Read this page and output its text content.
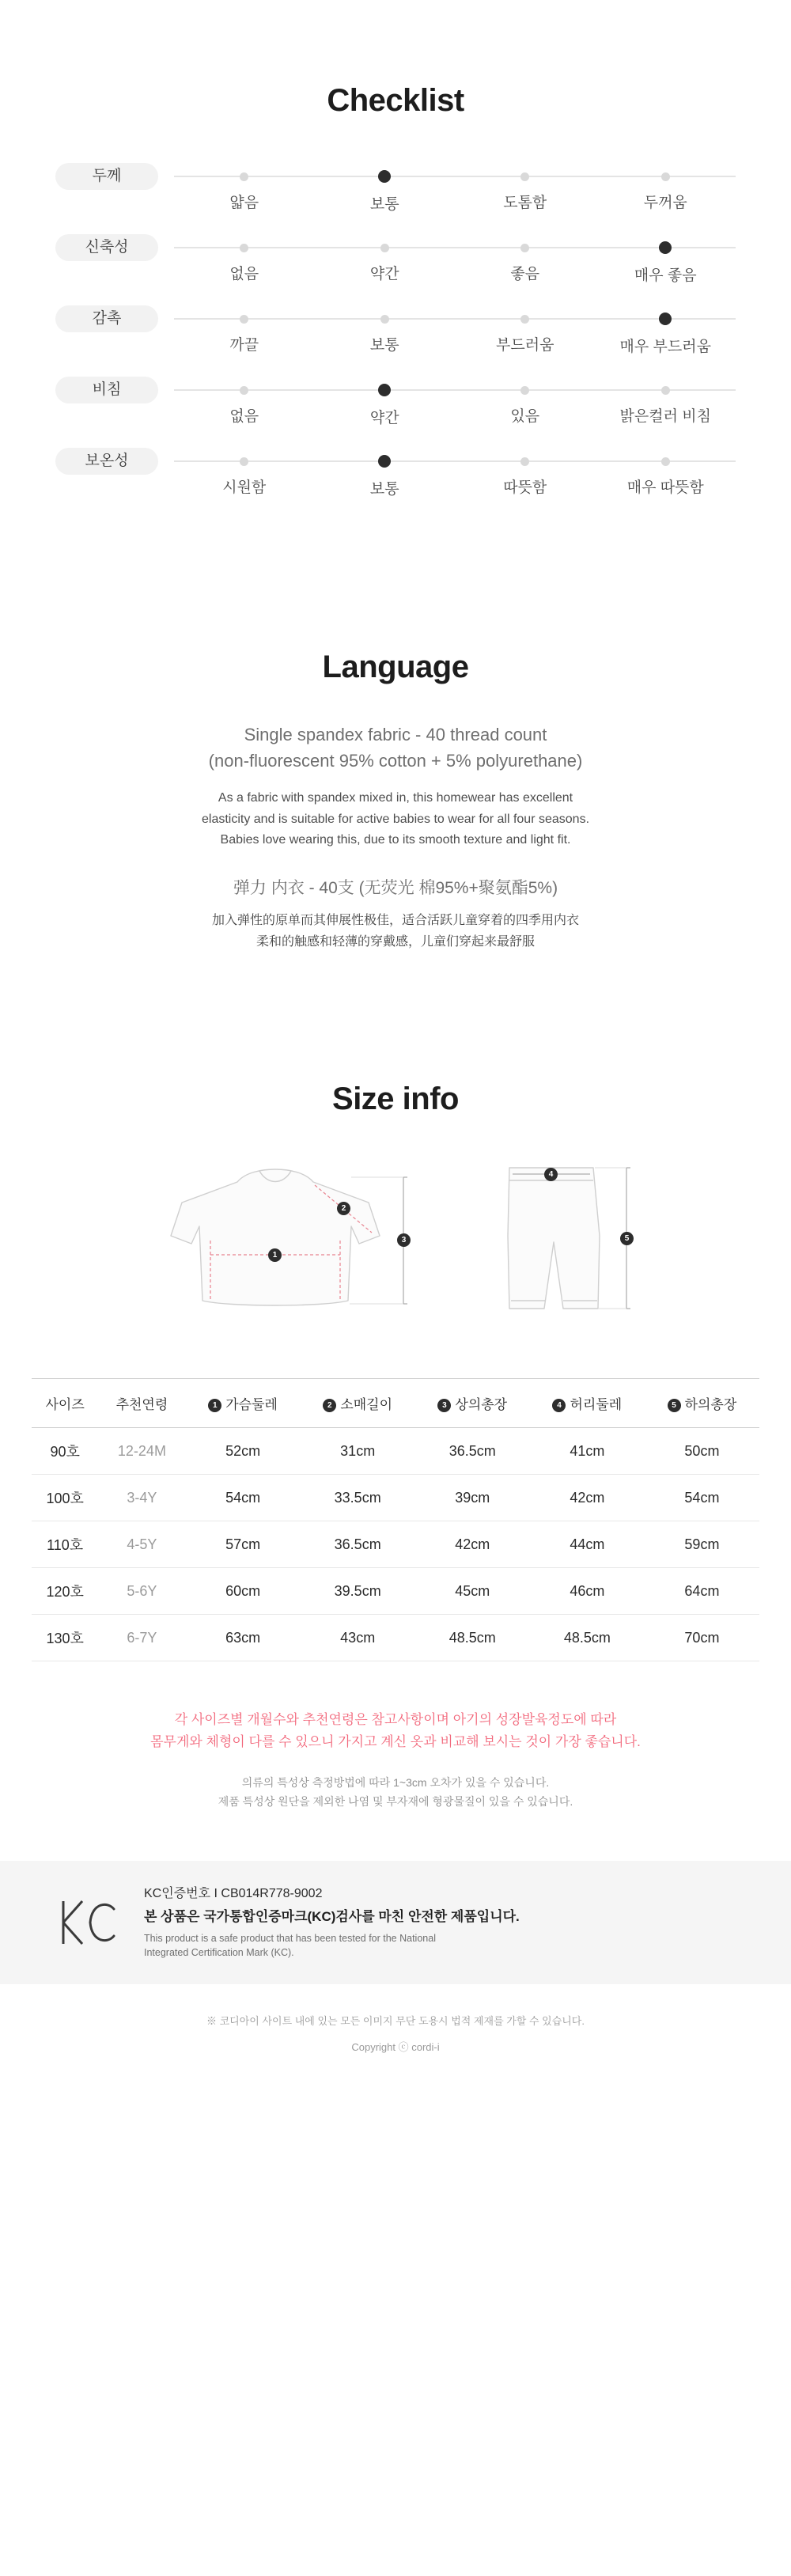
Checklist
두께
얇음	보통	도톰함	두꺼움
신축성
없음	약간	좋음	매우 좋음
감촉
까끌	보통	부드러움	매우 부드러움
비침
없음	약간	있음	밝은컬러 비침
보온성
시원함	보통	따뜻함	매우 따뜻함
Language
Single spandex fabric - 40 thread count
(non-fluorescent 95% cotton + 5% polyurethane)
As a fabric with spandex mixed in, this homewear has excellent
elasticity and is suitable for active babies to wear for all four seasons.
Babies love wearing this, due to its smooth texture and light fit.
弹力 内衣 - 40支 (无荧光 棉95%+聚氨酯5%)
加入弹性的原单而其伸展性极佳，适合活跃儿童穿着的四季用内衣
柔和的触感和轻薄的穿戴感，儿童们穿起来最舒服
Size info
1
2
3
4
5
사이즈	추천연령	1 가슴둘레	2 소매길이	3 상의총장	4 허리둘레	5 하의총장
90호	12-24M	52cm	31cm	36.5cm	41cm	50cm
100호	3-4Y	54cm	33.5cm	39cm	42cm	54cm
110호	4-5Y	57cm	36.5cm	42cm	44cm	59cm
120호	5-6Y	60cm	39.5cm	45cm	46cm	64cm
130호	6-7Y	63cm	43cm	48.5cm	48.5cm	70cm
각 사이즈별 개월수와 추천연령은 참고사항이며 아기의 성장발육정도에 따라
몸무게와 체형이 다를 수 있으니 가지고 계신 옷과 비교해 보시는 것이 가장 좋습니다.
의류의 특성상 측정방법에 따라 1~3cm 오차가 있을 수 있습니다.
제품 특성상 원단을 제외한 나염 및 부자재에 형광물질이 있을 수 있습니다.
KC인증번호 I CB014R778-9002
본 상품은 국가통합인증마크(KC)검사를 마친 안전한 제품입니다.
This product is a safe product that has been tested for the National
Integrated Certification Mark (KC).
※ 코디아이 사이트 내에 있는 모든 이미지 무단 도용시 법적 제재를 가할 수 있습니다.
Copyright ⓒ cordi-i
